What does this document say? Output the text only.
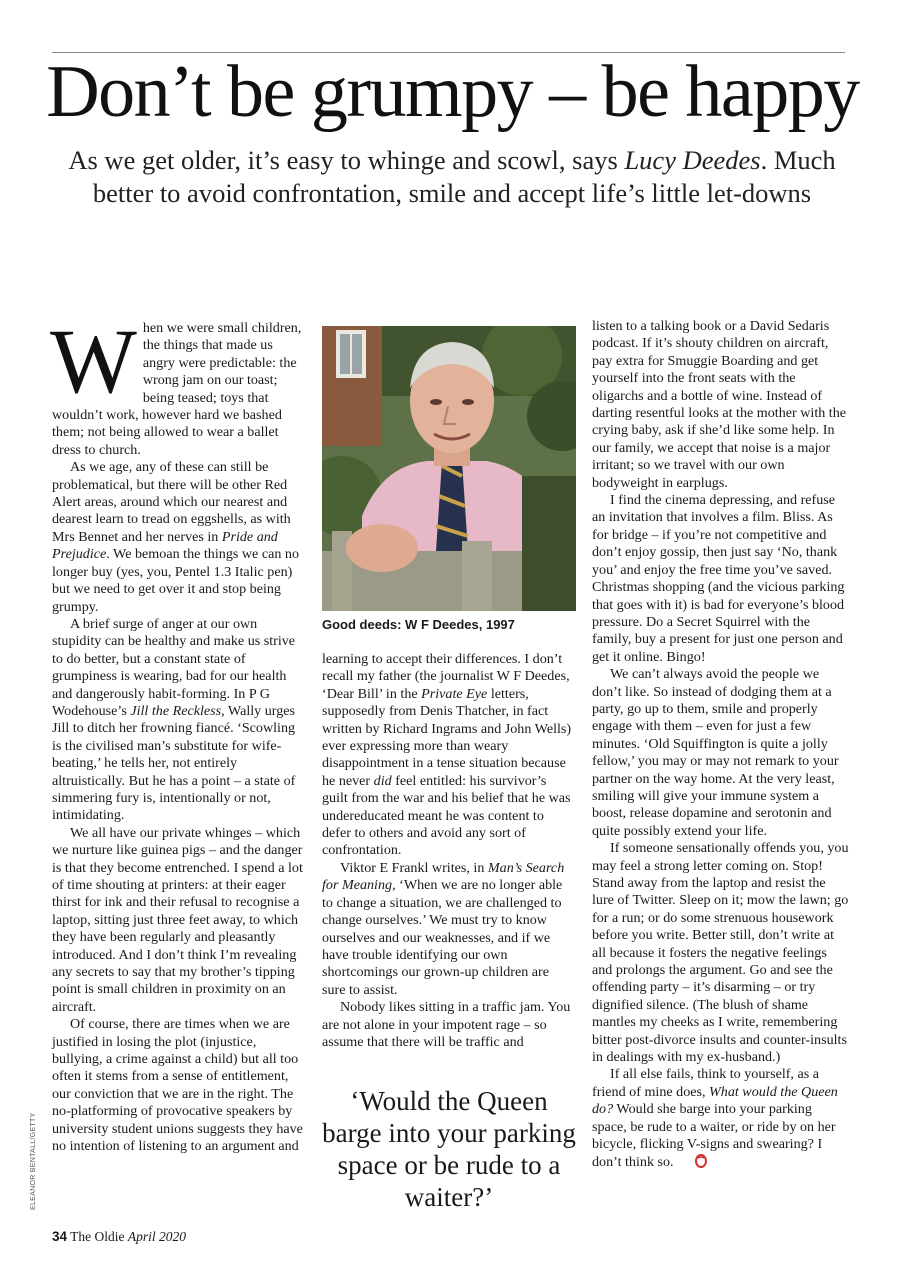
Don’t be grumpy – be happy

As we get older, it’s easy to whinge and scowl, says Lucy Deedes. Much better to avoid confrontation, smile and accept life’s little let-downs

When we were small children, the things that made us angry were predictable: the wrong jam on our toast; being teased; toys that wouldn’t work, however hard we bashed them; not being allowed to wear a ballet dress to church.

As we age, any of these can still be problematical, but there will be other Red Alert areas, around which our nearest and dearest learn to tread on eggshells, as with Mrs Bennet and her nerves in Pride and Prejudice. We bemoan the things we can no longer buy (yes, you, Pentel 1.3 Italic pen) but we need to get over it and stop being grumpy.

A brief surge of anger at our own stupidity can be healthy and make us strive to do better, but a constant state of grumpiness is wearing, bad for our health and dangerously habit-forming. In P G Wodehouse’s Jill the Reckless, Wally urges Jill to ditch her frowning fiancé. ‘Scowling is the civilised man’s substitute for wife-beating,’ he tells her, not entirely altruistically. But he has a point – a state of simmering fury is, intentionally or not, intimidating.

We all have our private whinges – which we nurture like guinea pigs – and the danger is that they become entrenched. I spend a lot of time shouting at printers: at their eager thirst for ink and their refusal to recognise a laptop, sitting just three feet away, to which they have been regularly and pleasantly introduced. And I don’t think I’m revealing any secrets to say that my brother’s tipping point is small children in proximity on an aircraft.

Of course, there are times when we are justified in losing the plot (injustice, bullying, a crime against a child) but all too often it stems from a sense of entitlement, our conviction that we are in the right. The no-platforming of provocative speakers by university student unions suggests they have no intention of listening to an argument and

Good deeds: W F Deedes, 1997

learning to accept their differences. I don’t recall my father (the journalist W F Deedes, ‘Dear Bill’ in the Private Eye letters, supposedly from Denis Thatcher, in fact written by Richard Ingrams and John Wells) ever expressing more than weary disappointment in a tense situation because he never did feel entitled: his survivor’s guilt from the war and his belief that he was undereducated meant he was content to defer to others and avoid any sort of confrontation.

Viktor E Frankl writes, in Man’s Search for Meaning, ‘When we are no longer able to change a situation, we are challenged to change ourselves.’ We must try to know ourselves and our weaknesses, and if we have trouble identifying our own shortcomings our grown-up children are sure to assist.

Nobody likes sitting in a traffic jam. You are not alone in your impotent rage – so assume that there will be traffic and

‘Would the Queen barge into your parking space or be rude to a waiter?’

listen to a talking book or a David Sedaris podcast. If it’s shouty children on aircraft, pay extra for Smuggie Boarding and get yourself into the front seats with the oligarchs and a bottle of wine. Instead of darting resentful looks at the mother with the crying baby, ask if she’d like some help. In our family, we accept that noise is a major irritant; so we travel with our own bodyweight in earplugs.

I find the cinema depressing, and refuse an invitation that involves a film. Bliss. As for bridge – if you’re not competitive and don’t enjoy gossip, then just say ‘No, thank you’ and enjoy the free time you’ve saved. Christmas shopping (and the vicious parking that goes with it) is bad for everyone’s blood pressure. Do a Secret Squirrel with the family, buy a present for just one person and get it online. Bingo!

We can’t always avoid the people we don’t like. So instead of dodging them at a party, go up to them, smile and properly engage with them – even for just a few minutes. ‘Old Squiffington is quite a jolly fellow,’ you may or may not remark to your partner on the way home. At the very least, smiling will give your immune system a boost, release dopamine and serotonin and quite possibly extend your life.

If someone sensationally offends you, you may feel a strong letter coming on. Stop! Stand away from the laptop and resist the lure of Twitter. Sleep on it; mow the lawn; go for a run; or do some strenuous housework before you write. Better still, don’t write at all because it fosters the negative feelings and prolongs the argument. Go and see the offending party – it’s disarming – or try dignified silence. (The blush of shame mantles my cheeks as I write, remembering bitter post-divorce insults and counter-insults in dealings with my ex-husband.)

If all else fails, think to yourself, as a friend of mine does, What would the Queen do? Would she barge into your parking space, be rude to a waiter, or ride by on her bicycle, flicking V-signs and swearing? I don’t think so.

ELEANOR BENTALL/GETTY
34 The Oldie April 2020
